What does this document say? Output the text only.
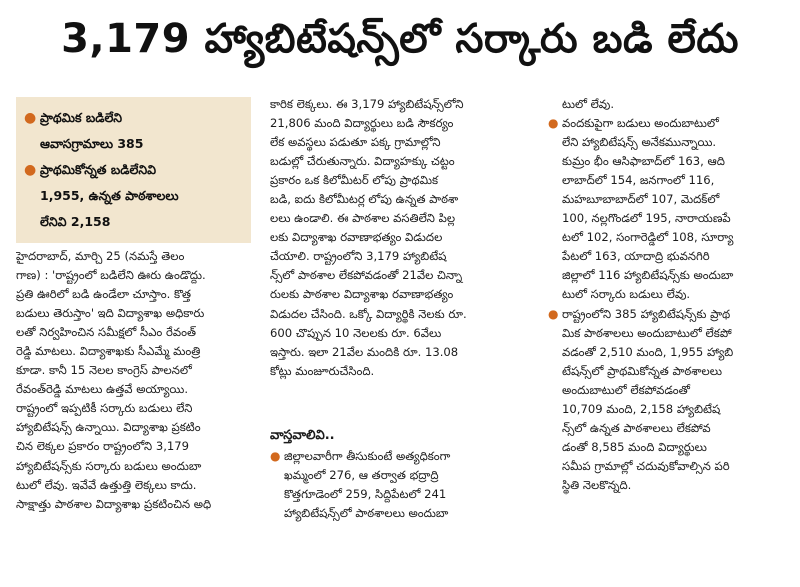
3,179 హ్యాబిటేషన్స్‌లో సర్కారు బడి లేదు
● ప్రాథమిక బడిలేని
ఆవాసగ్రామాలు 385
● ప్రాథమికోన్నత బడిలేనివి
1,955, ఉన్నత పాఠశాలలు
లేనివి 2,158
హైదరాబాద్, మార్చి 25 (నమస్తే తెలం
గాణ) : 'రాష్ట్రంలో బడిలేని ఊరు ఉండొద్దు.
ప్రతి ఊరిలో బడి ఉండేలా చూస్తాం. కొత్త
బడులు తెరుస్తాం' ఇది విద్యాశాఖ అధికారు
లతో నిర్వహించిన సమీక్షలో సీఎం రేవంత్
రెడ్డి మాటలు. విద్యాశాఖకు సీఎమ్మే మంత్రి
కూడా. కానీ 15 నెలల కాంగ్రెస్ పాలనలో
రేవంత్‌రెడ్డి మాటలు ఉత్తవే అయ్యాయి.
రాష్ట్రంలో ఇప్పటికీ సర్కారు బడులు లేని
హ్యాబిటేషన్స్ ఉన్నాయి. విద్యాశాఖ ప్రకటిం
చిన లెక్కల ప్రకారం రాష్ట్రంలోని 3,179
హ్యాబిటేషన్స్‌కు సర్కారు బడులు అందుబా
టులో లేవు. ఇవేవే ఉత్తుత్తి లెక్కలు కాదు.
సాక్షాత్తు పాఠశాల విద్యాశాఖ ప్రకటించిన అధి
కారిక లెక్కలు. ఈ 3,179 హ్యాబిటేషన్స్‌లోని
21,806 మంది విద్యార్థులు బడి సౌకర్యం
లేక అవస్థలు పడుతూ పక్క గ్రామాల్లోని
బడుల్లో చేరుతున్నారు. విద్యాహక్కు చట్టం
ప్రకారం ఒక కిలోమీటర్ లోపు ప్రాథమిక
బడి, ఐదు కిలోమీటర్ల లోపు ఉన్నత పాఠశా
లలు ఉండాలి. ఈ పాఠశాల వసతిలేని పిల్ల
లకు విద్యాశాఖ రవాణాభత్యం విడుదల
చేయాలి. రాష్ట్రంలోని 3,179 హ్యాబిటేష
న్స్‌లో పాఠశాల లేకపోవడంతో 21వేల చిన్నా
రులకు పాఠశాల విద్యాశాఖ రవాణాభత్యం
విడుదల చేసింది. ఒక్కో విద్యార్థికి నెలకు రూ.
600 చొప్పున 10 నెలలకు రూ. 6వేలు
ఇస్తారు. ఇలా 21వేల మందికి రూ. 13.08
కోట్లు మంజూరుచేసింది.
వాస్తవాలివి..
● జిల్లాలవారీగా తీసుకుంటే అత్యధికంగా
ఖమ్మంలో 276, ఆ తర్వాత భద్రాద్రి
కొత్తగూడెంలో 259, సిద్దిపేటలో 241
హ్యాబిటేషన్స్‌లో పాఠశాలలు అందుబా
టులో లేవు.
● వందకుపైగా బడులు అందుబాటులో
లేని హ్యాబిటేషన్స్ అనేకమున్నాయి.
కుమ్రం భీం ఆసిఫాబాద్‌లో 163, ఆది
లాబాద్‌లో 154, జనగాంలో 116,
మహబూబాబాద్‌లో 107, మెదక్‌లో
100, నల్లగొండలో 195, నారాయణపే
టలో 102, సంగారెడ్డిలో 108, సూర్యా
పేటలో 163, యాదాద్రి భువనగిరి
జిల్లాలో 116 హ్యాబిటేషన్స్‌కు అందుబా
టులో సర్కారు బడులు లేవు.
● రాష్ట్రంలోని 385 హ్యాబిటేషన్స్‌కు ప్రాథ
మిక పాఠశాలలు అందుబాటులో లేకపో
వడంతో 2,510 మంది, 1,955 హ్యాబి
టేషన్స్‌లో ప్రాథమికోన్నత పాఠశాలలు
అందుబాటులో లేకపోవడంతో
10,709 మంది, 2,158 హ్యాబిటేష
న్స్‌లో ఉన్నత పాఠశాలలు లేకపోవ
డంతో 8,585 మంది విద్యార్థులు
సమీప గ్రామాల్లో చదువుకోవాల్సిన పరి
స్థితి నెలకొన్నది.
